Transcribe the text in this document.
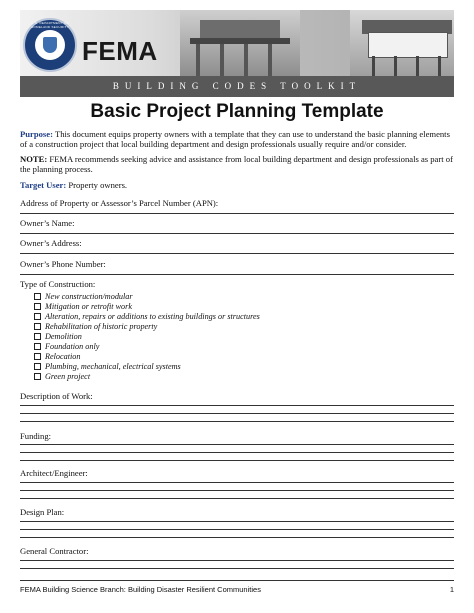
U.S. DEPARTMENT OF HOMELAND SECURITY
FEMA
BUILDING CODES TOOLKIT
Basic Project Planning Template
Purpose: This document equips property owners with a template that they can use to understand the basic planning elements of a construction project that local building department and design professionals usually require and/or consider.
NOTE: FEMA recommends seeking advice and assistance from local building department and design professionals as part of the planning process.
Target User: Property owners.
Address of Property or Assessor’s Parcel Number (APN):
Owner’s Name:
Owner’s Address:
Owner’s Phone Number:
Type of Construction:
New construction/modular
Mitigation or retrofit work
Alteration, repairs or additions to existing buildings or structures
Rehabilitation of historic property
Demolition
Foundation only
Relocation
Plumbing, mechanical, electrical systems
Green project
Description of Work:
Funding:
Architect/Engineer:
Design Plan:
General Contractor:
FEMA Building Science Branch: Building Disaster Resilient Communities	1
